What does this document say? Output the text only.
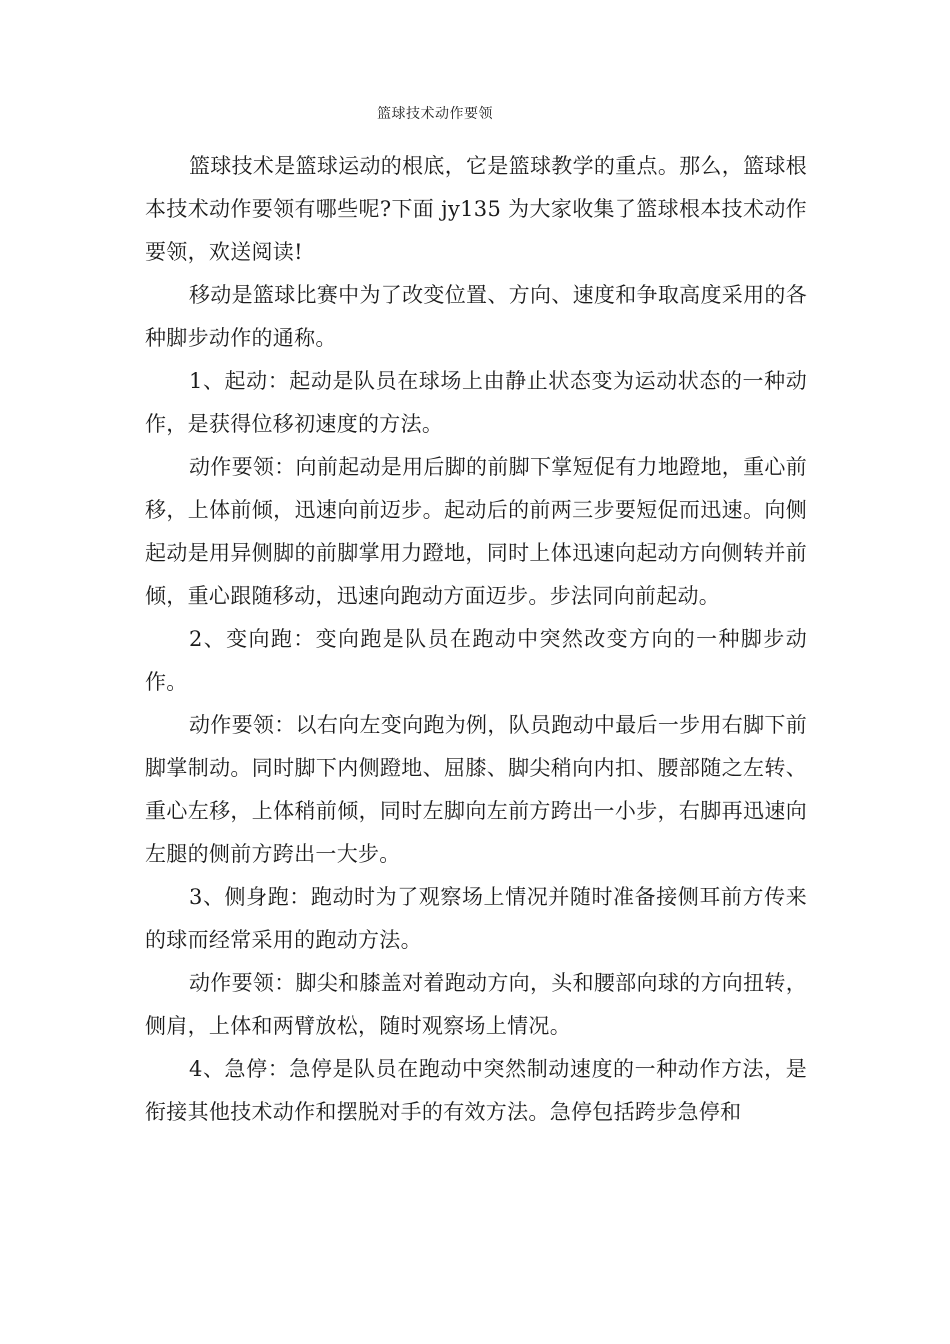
篮球技术动作要领

篮球技术是篮球运动的根底，它是篮球教学的重点。那么，篮球根本技术动作要领有哪些呢?下面 jy135 为大家收集了篮球根本技术动作要领，欢送阅读!

移动是篮球比赛中为了改变位置、方向、速度和争取高度采用的各种脚步动作的通称。

1、起动：起动是队员在球场上由静止状态变为运动状态的一种动作，是获得位移初速度的方法。

动作要领：向前起动是用后脚的前脚下掌短促有力地蹬地，重心前移，上体前倾，迅速向前迈步。起动后的前两三步要短促而迅速。向侧起动是用异侧脚的前脚掌用力蹬地，同时上体迅速向起动方向侧转并前倾，重心跟随移动，迅速向跑动方面迈步。步法同向前起动。

2、变向跑：变向跑是队员在跑动中突然改变方向的一种脚步动作。

动作要领：以右向左变向跑为例，队员跑动中最后一步用右脚下前脚掌制动。同时脚下内侧蹬地、屈膝、脚尖稍向内扣、腰部随之左转、重心左移，上体稍前倾，同时左脚向左前方跨出一小步，右脚再迅速向左腿的侧前方跨出一大步。

3、侧身跑：跑动时为了观察场上情况并随时准备接侧耳前方传来的球而经常采用的跑动方法。

动作要领：脚尖和膝盖对着跑动方向，头和腰部向球的方向扭转，侧肩，上体和两臂放松，随时观察场上情况。

4、急停：急停是队员在跑动中突然制动速度的一种动作方法，是衔接其他技术动作和摆脱对手的有效方法。急停包括跨步急停和
